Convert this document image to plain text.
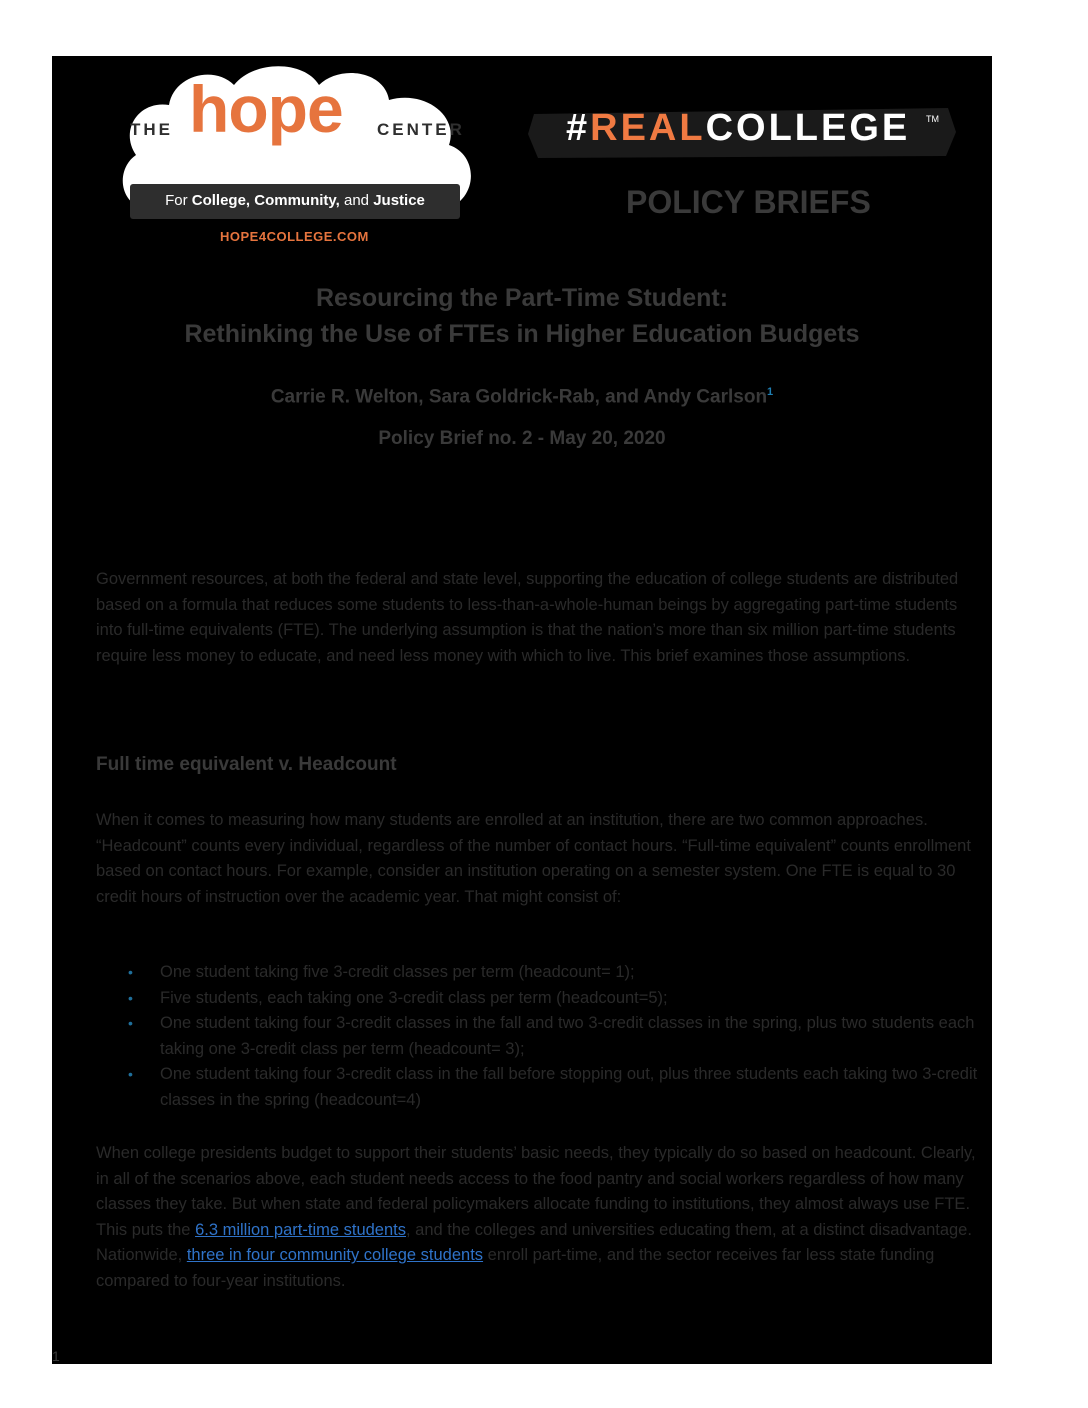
THE hope CENTER
For College, Community, and Justice
HOPE4COLLEGE.COM
#REALCOLLEGE TM
POLICY BRIEFS
Resourcing the Part-Time Student:
Rethinking the Use of FTEs in Higher Education Budgets
Carrie R. Welton, Sara Goldrick-Rab, and Andy Carlson$^1$
Policy Brief no. 2 - May 20, 2020

Government resources, at both the federal and state level, supporting the education of college students are distributed based on a formula that reduces some students to less-than-a-whole-human beings by aggregating part-time students into full-time equivalents (FTE). The underlying assumption is that the nation’s more than six million part-time students require less money to educate, and need less money with which to live. This brief examines those assumptions.

Full time equivalent v. Headcount

When it comes to measuring how many students are enrolled at an institution, there are two common approaches. “Headcount” counts every individual, regardless of the number of contact hours. “Full-time equivalent” counts enrollment based on contact hours. For example, consider an institution operating on a semester system. One FTE is equal to 30 credit hours of instruction over the academic year. That might consist of:

• One student taking five 3-credit classes per term (headcount= 1);
• Five students, each taking one 3-credit class per term (headcount=5);
• One student taking four 3-credit classes in the fall and two 3-credit classes in the spring, plus two students each taking one 3-credit class per term (headcount= 3);
• One student taking four 3-credit class in the fall before stopping out, plus three students each taking two 3-credit classes in the spring (headcount=4)

When college presidents budget to support their students’ basic needs, they typically do so based on headcount. Clearly, in all of the scenarios above, each student needs access to the food pantry and social workers regardless of how many classes they take. But when state and federal policymakers allocate funding to institutions, they almost always use FTE. This puts the 6.3 million part-time students, and the colleges and universities educating them, at a distinct disadvantage. Nationwide, three in four community college students enroll part-time, and the sector receives far less state funding compared to four-year institutions.

1
